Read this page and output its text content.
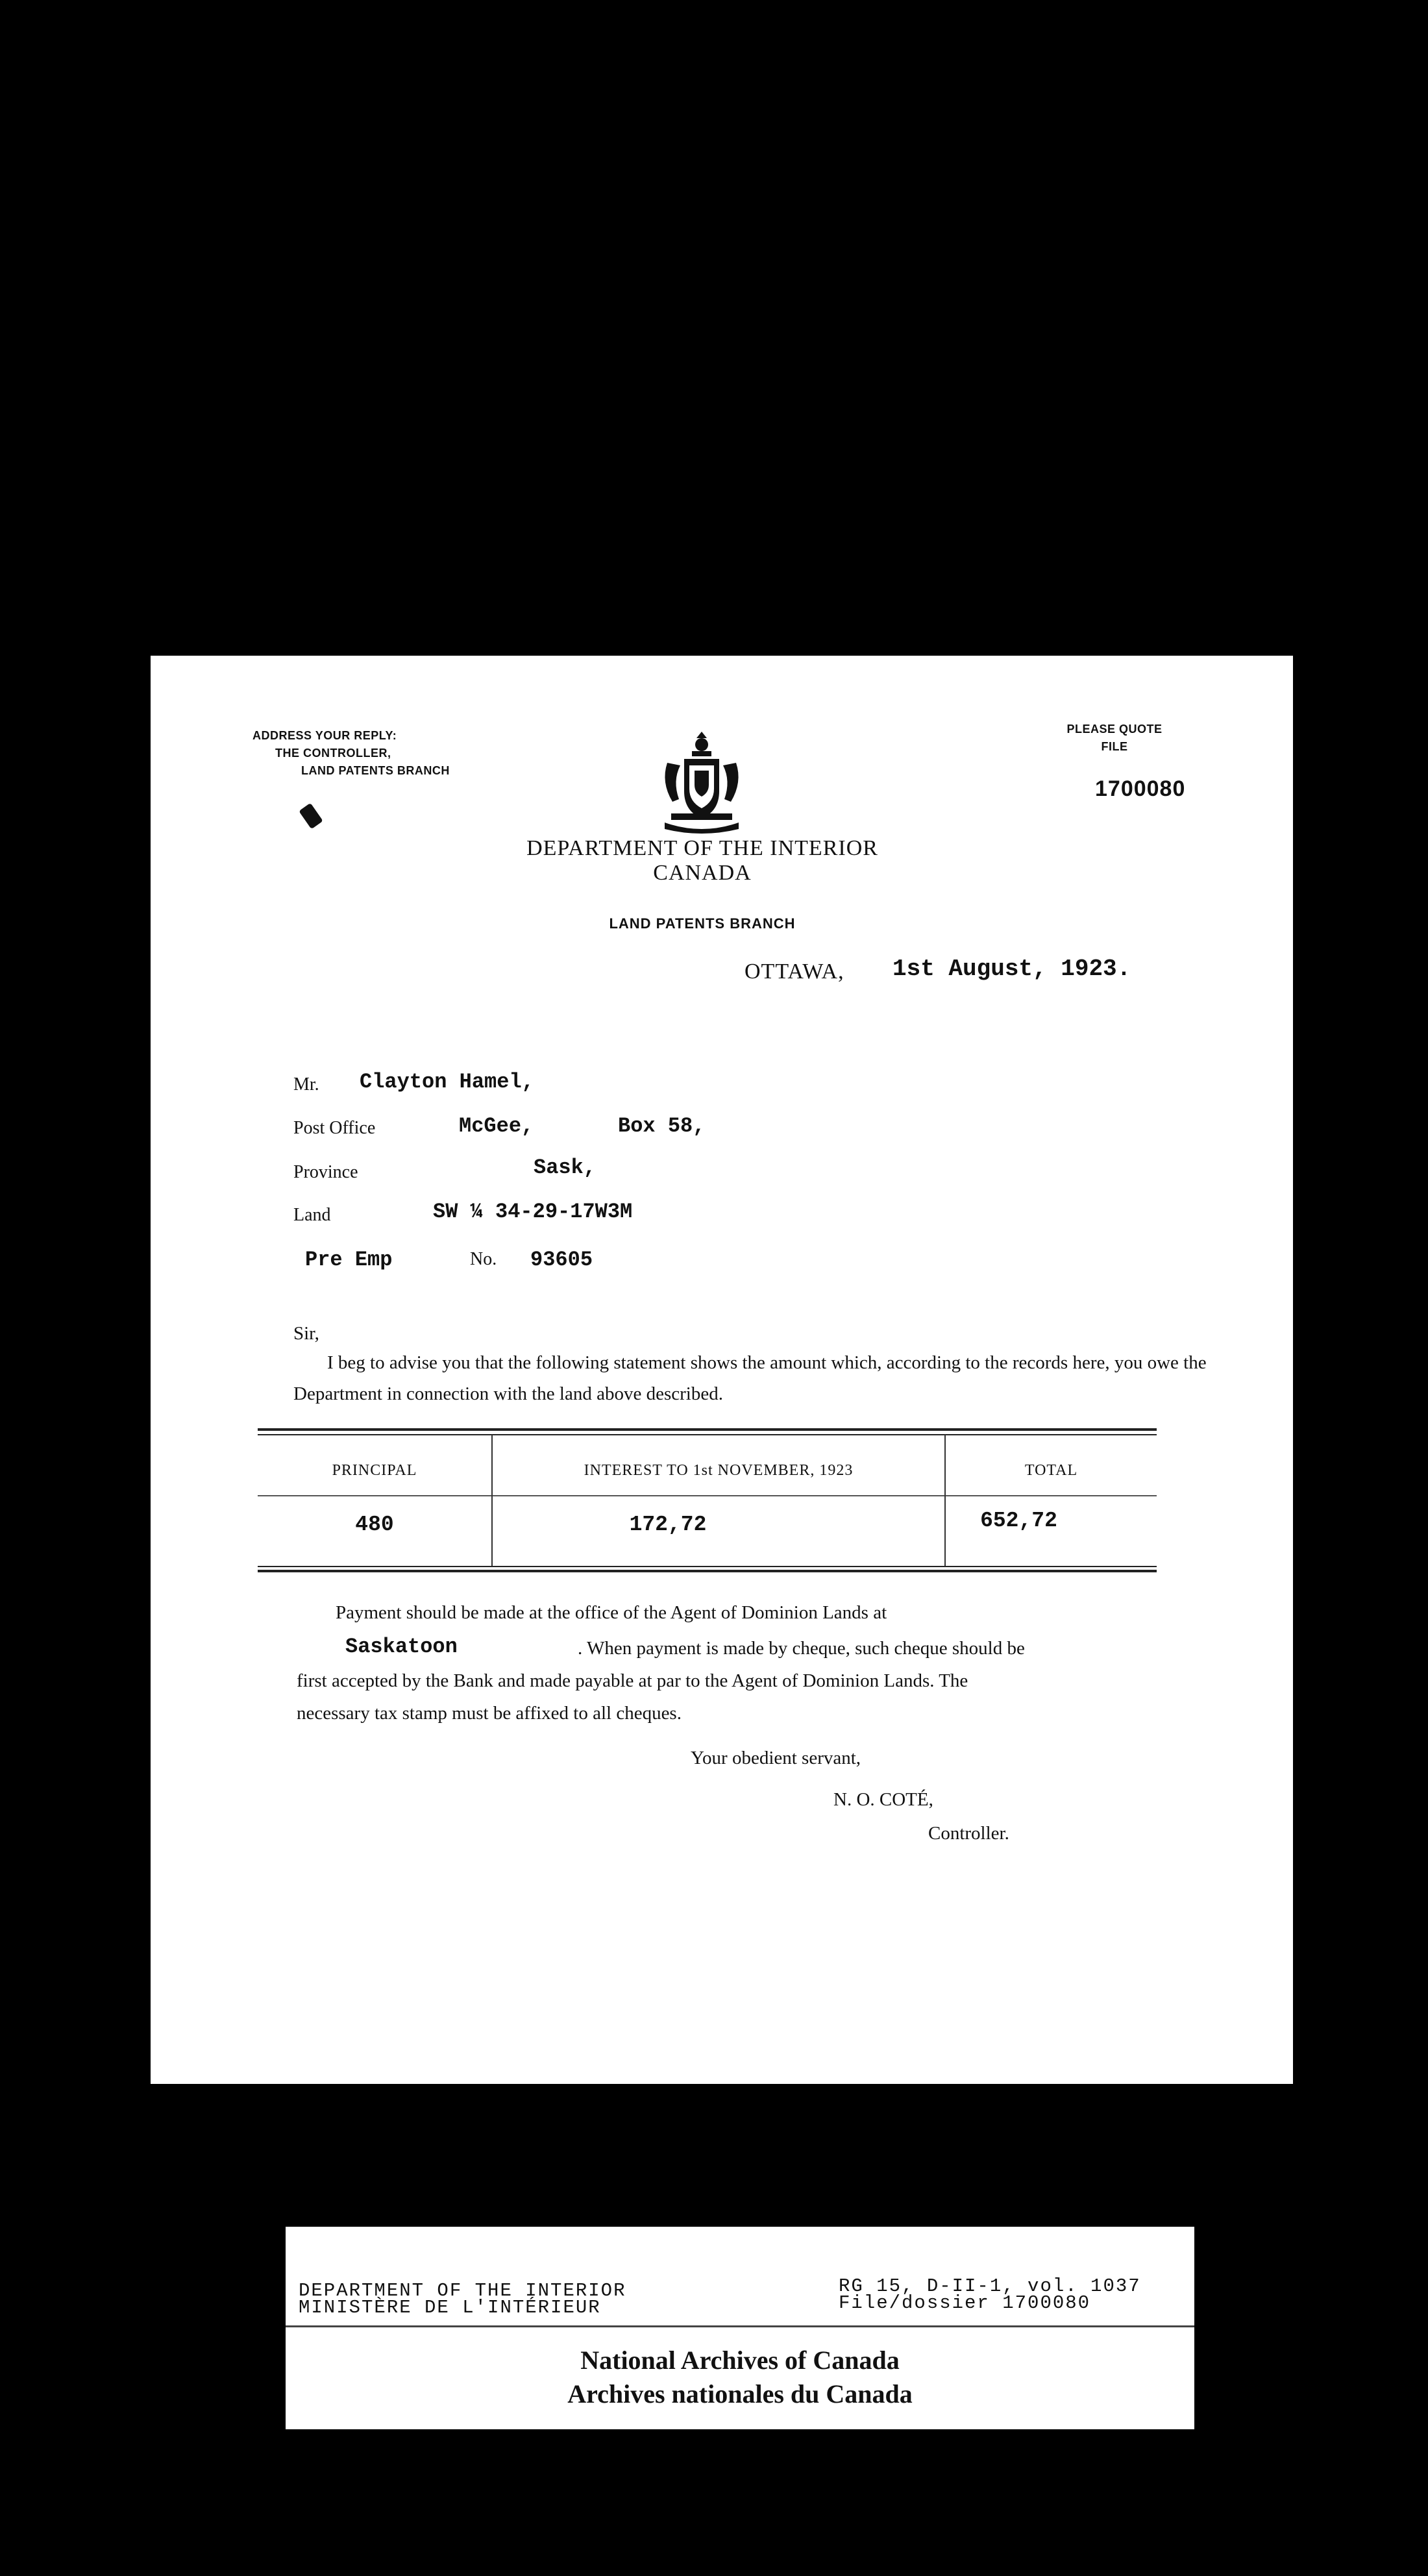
ADDRESS YOUR REPLY:
THE CONTROLLER,
LAND PATENTS BRANCH
PLEASE QUOTE
FILE
1700080
DEPARTMENT OF THE INTERIOR
CANADA
LAND PATENTS BRANCH
OTTAWA, 1st August, 1923.
Mr. Clayton Hamel,
Post Office	McGee,	Box 58,
Province	Sask,
Land	SW ¼ 34-29-17W3M
Pre Emp	No. 93605
Sir,
I beg to advise you that the following statement shows the amount which, according to the records here, you owe the Department in connection with the land above described.
PRINCIPAL	INTEREST TO 1st NOVEMBER, 1923	TOTAL
480	172,72	652,72
Payment should be made at the office of the Agent of Dominion Lands at
Saskatoon	. When payment is made by cheque, such cheque should be
first accepted by the Bank and made payable at par to the Agent of Dominion Lands. The
necessary tax stamp must be affixed to all cheques.
Your obedient servant,
N. O. COTÉ,
Controller.
DEPARTMENT OF THE INTERIOR
MINISTÈRE DE L'INTÉRIEUR
RG 15, D-II-1, vol. 1037
File/dossier 1700080
National Archives of Canada
Archives nationales du Canada
